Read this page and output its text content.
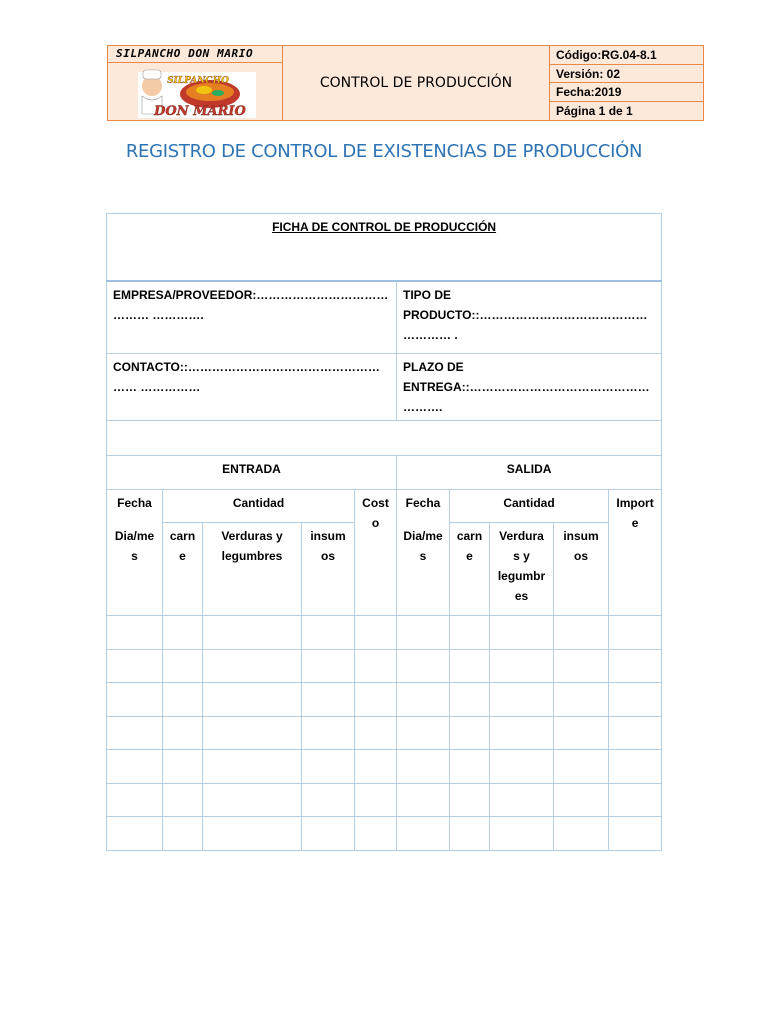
SILPANCHO DON MARIO
SILPANCHO
DON MARIO
CONTROL DE PRODUCCIÓN
Código:RG.04-8.1
Versión: 02
Fecha:2019
Página 1 de 1
REGISTRO DE CONTROL DE EXISTENCIAS DE PRODUCCIÓN
FICHA DE CONTROL DE PRODUCCIÓN									
EMPRESA/PROVEEDOR:…………………………………… ………….					TIPO DE PRODUCTO::……………………………………………… .				
CONTACTO::……………………………………………… ……………					PLAZO DE ENTREGA::……………………………………………….				

ENTRADA					SALIDA				
Fecha	Cantidad			Costo	Fecha	Cantidad			Importe
Dia/mes	carne	Verduras y legumbres	insumos		Dia/mes	carne	Verduras y legumbres	insumos	
